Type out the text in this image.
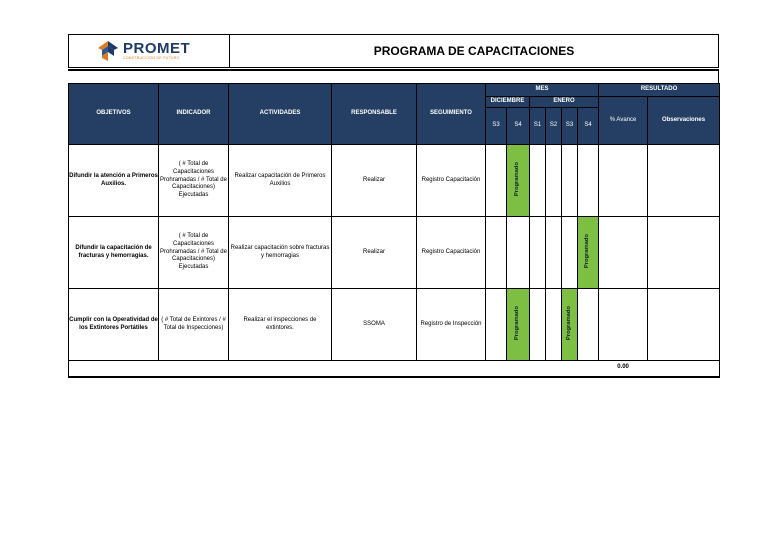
PROMET
CONSTRUCCIÓN DE FUTURO
PROGRAMA DE CAPACITACIONES
OBJETIVOS	INDICADOR	ACTIVIDADES	RESPONSABLE	SEGUIMIENTO	MES						RESULTADO	
					DICIEMBRE		ENERO				% Avance	Observaciones
					S3	S4	S1	S2	S3	S4		
Difundir la atención a Primeros Auxilios.	( # Total de Capacitaciones Prohramadas / # Total de Capacitaciones) Ejecutadas	Realizar capacitación de Primeros Auxilios	Realizar	Registro Capacitación		Programado						
Difundir la capacitación de fracturas y hemorragias.	( # Total de Capacitaciones Prohramadas / # Total de Capacitaciones) Ejecutadas	Realizar capacitación sobre fracturas y hemorragias	Realizar	Registro Capacitación						Programado		
Cumplir con la Operatividad de los Extintores Portátiles	( # Total de Exintores / # Total de Inspecciones)	Realizar el inspecciones de extintores.	SSOMA	Registro de Inspección		Programado			Programado			
											0.00	
